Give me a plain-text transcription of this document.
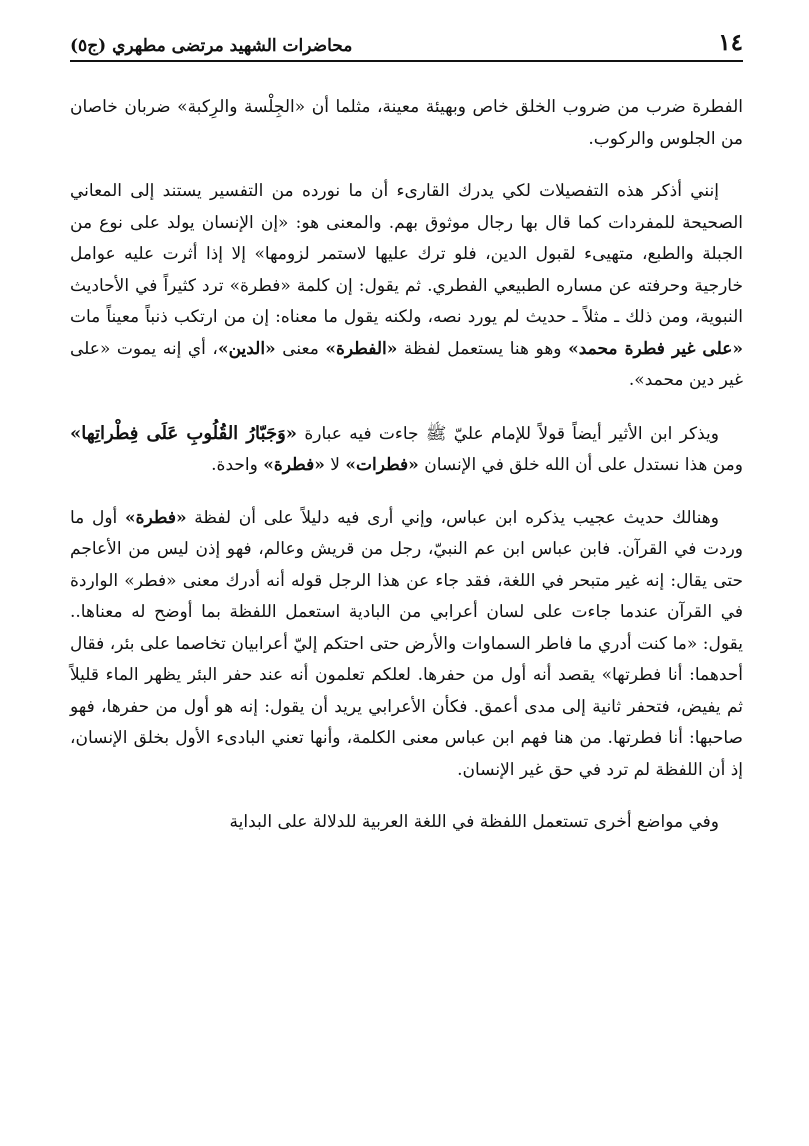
١٤
محاضرات الشهيد مرتضى مطهري (ج٥)

الفطرة ضرب من ضروب الخلق خاص وبهيئة معينة، مثلما أن «الجِلْسة والرِكبة» ضربان خاصان من الجلوس والركوب.

إنني أذكر هذه التفصيلات لكي يدرك القارىء أن ما نورده من التفسير يستند إلى المعاني الصحيحة للمفردات كما قال بها رجال موثوق بهم. والمعنى هو: «إن الإنسان يولد على نوع من الجبلة والطبع، متهيىء لقبول الدين، فلو ترك عليها لاستمر لزومها» إلا إذا أثرت عليه عوامل خارجية وحرفته عن مساره الطبيعي الفطري. ثم يقول: إن كلمة «فطرة» ترد كثيراً في الأحاديث النبوية، ومن ذلك ـ مثلاً ـ حديث لم يورد نصه، ولكنه يقول ما معناه: إن من ارتكب ذنباً معيناً مات «على غير فطرة محمد» وهو هنا يستعمل لفظة «الفطرة» معنى «الدين»، أي إنه يموت «على غير دين محمد».

ويذكر ابن الأثير أيضاً قولاً للإمام عليّ ﷺ جاءت فيه عبارة «وَجَبّارُ القُلُوبِ عَلَى فِطْراتِها» ومن هذا نستدل على أن الله خلق في الإنسان «فطرات» لا «فطرة» واحدة.

وهنالك حديث عجيب يذكره ابن عباس، وإني أرى فيه دليلاً على أن لفظة «فطرة» أول ما وردت في القرآن. فابن عباس ابن عم النبيّ، رجل من قريش وعالم، فهو إذن ليس من الأعاجم حتى يقال: إنه غير متبحر في اللغة، فقد جاء عن هذا الرجل قوله أنه أدرك معنى «فطر» الواردة في القرآن عندما جاءت على لسان أعرابي من البادية استعمل اللفظة بما أوضح له معناها.. يقول: «ما كنت أدري ما فاطر السماوات والأرض حتى احتكم إليّ أعرابيان تخاصما على بئر، فقال أحدهما: أنا فطرتها» يقصد أنه أول من حفرها. لعلكم تعلمون أنه عند حفر البئر يظهر الماء قليلاً ثم يفيض، فتحفر ثانية إلى مدى أعمق. فكأن الأعرابي يريد أن يقول: إنه هو أول من حفرها، فهو صاحبها: أنا فطرتها. من هنا فهم ابن عباس معنى الكلمة، وأنها تعني البادىء الأول بخلق الإنسان، إذ أن اللفظة لم ترد في حق غير الإنسان.

وفي مواضع أخرى تستعمل اللفظة في اللغة العربية للدلالة على البداية
